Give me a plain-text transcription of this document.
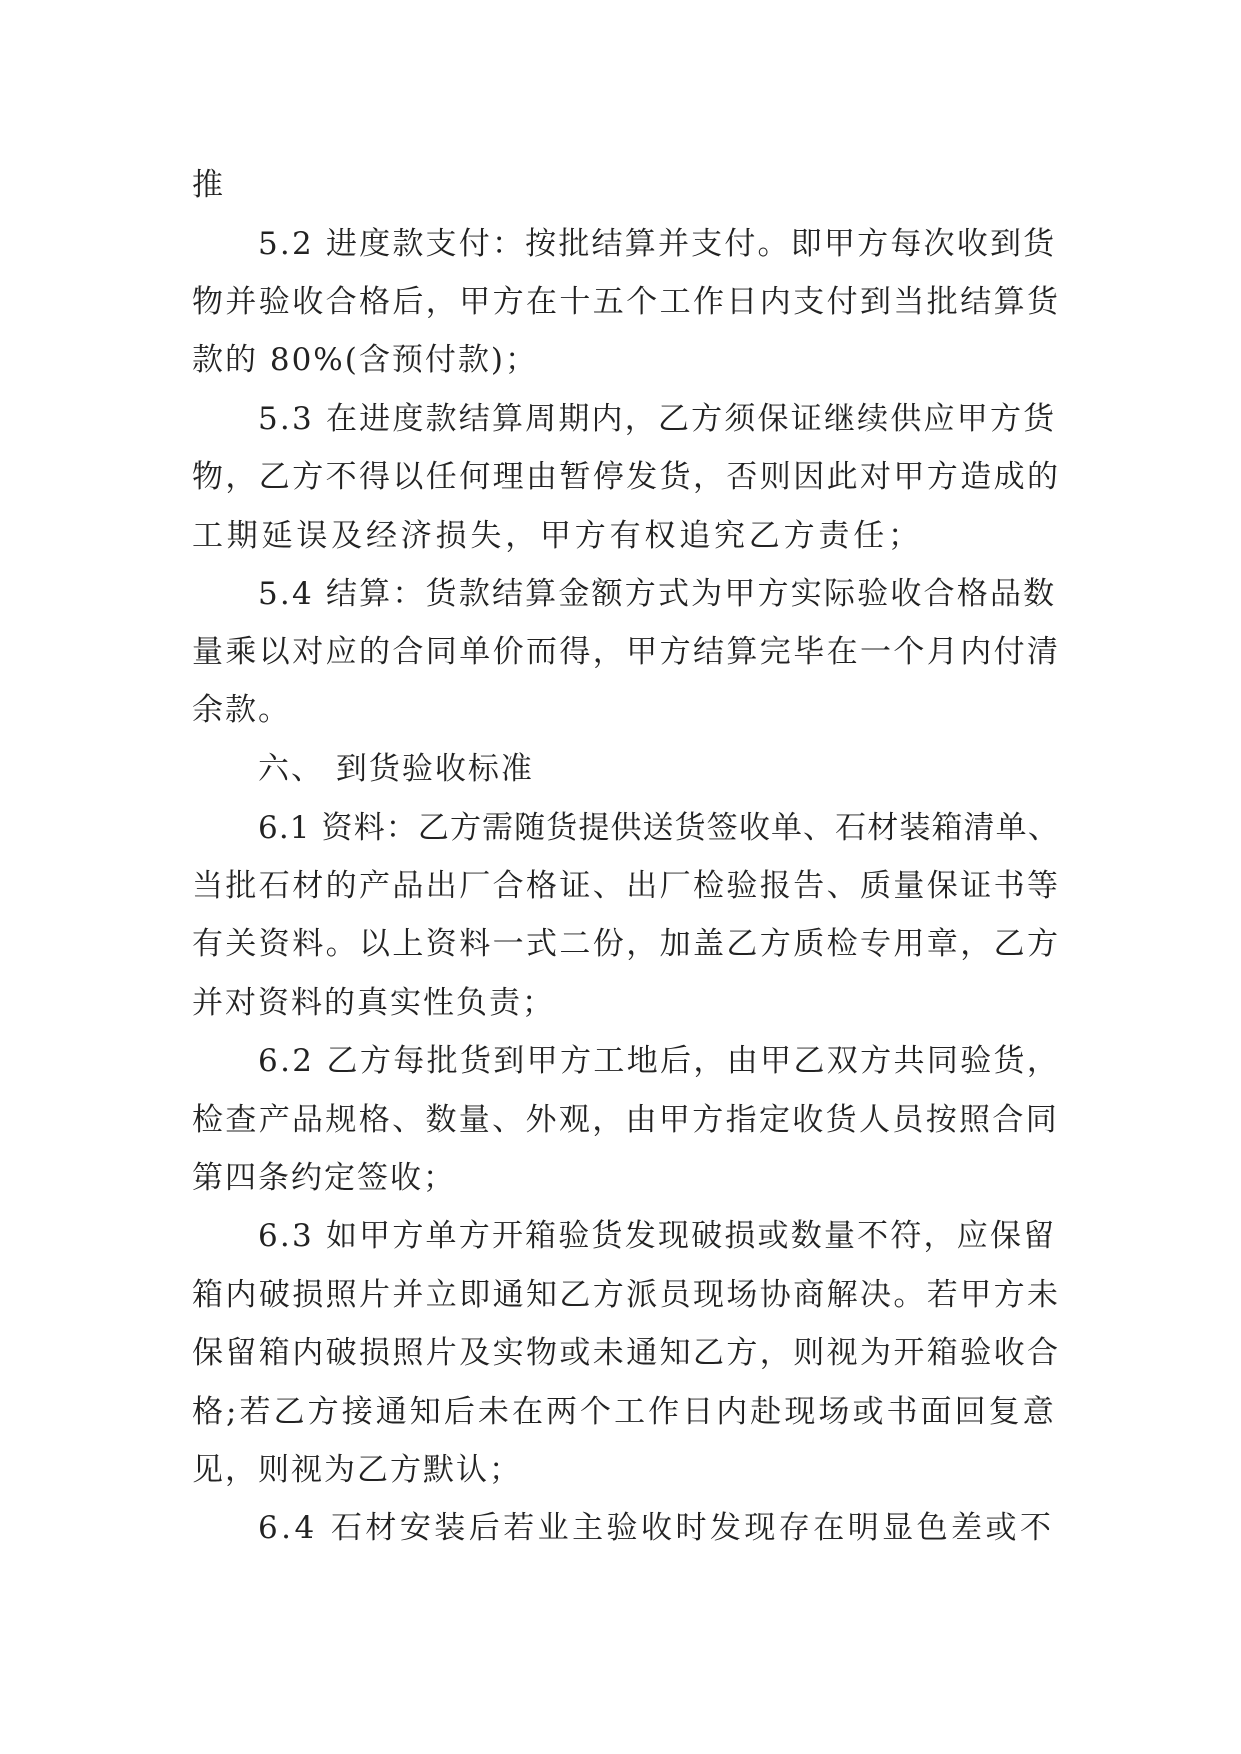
推
5.2 进度款支付：按批结算并支付。即甲方每次收到货
物并验收合格后，甲方在十五个工作日内支付到当批结算货
款的 80%(含预付款)；
5.3 在进度款结算周期内，乙方须保证继续供应甲方货
物，乙方不得以任何理由暂停发货，否则因此对甲方造成的
工期延误及经济损失，甲方有权追究乙方责任；
5.4 结算：货款结算金额方式为甲方实际验收合格品数
量乘以对应的合同单价而得，甲方结算完毕在一个月内付清
余款。
六、 到货验收标准
6.1 资料：乙方需随货提供送货签收单、石材装箱清单、
当批石材的产品出厂合格证、出厂检验报告、质量保证书等
有关资料。以上资料一式二份，加盖乙方质检专用章，乙方
并对资料的真实性负责；
6.2 乙方每批货到甲方工地后，由甲乙双方共同验货，
检查产品规格、数量、外观，由甲方指定收货人员按照合同
第四条约定签收；
6.3 如甲方单方开箱验货发现破损或数量不符，应保留
箱内破损照片并立即通知乙方派员现场协商解决。若甲方未
保留箱内破损照片及实物或未通知乙方，则视为开箱验收合
格;若乙方接通知后未在两个工作日内赴现场或书面回复意
见，则视为乙方默认；
6.4 石材安装后若业主验收时发现存在明显色差或不
